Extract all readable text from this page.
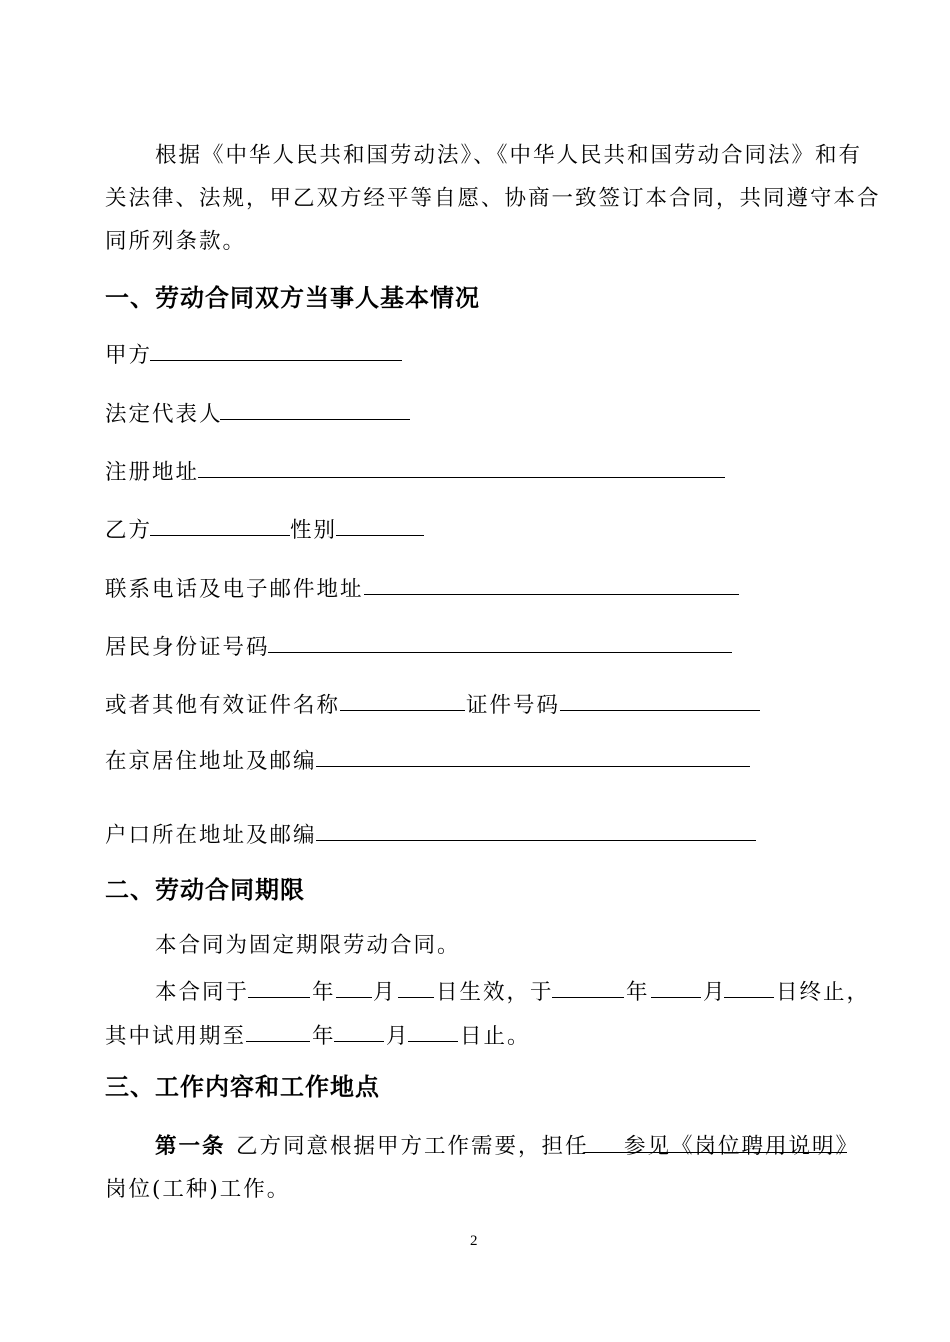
根据《中华人民共和国劳动法》、《中华人民共和国劳动合同法》和有
关法律、法规，甲乙双方经平等自愿、协商一致签订本合同，共同遵守本合
同所列条款。
一、劳动合同双方当事人基本情况
甲方
法定代表人
注册地址
乙方	性别
联系电话及电子邮件地址
居民身份证号码
或者其他有效证件名称	证件号码
在京居住地址及邮编
户口所在地址及邮编
二、劳动合同期限
本合同为固定期限劳动合同。
本合同于	年 月 日生效，于	年 月 日终止，
其中试用期至	年 月 日止。
三、工作内容和工作地点
第一条 乙方同意根据甲方工作需要，担任 参见《岗位聘用说明》
岗位(工种)工作。
2
